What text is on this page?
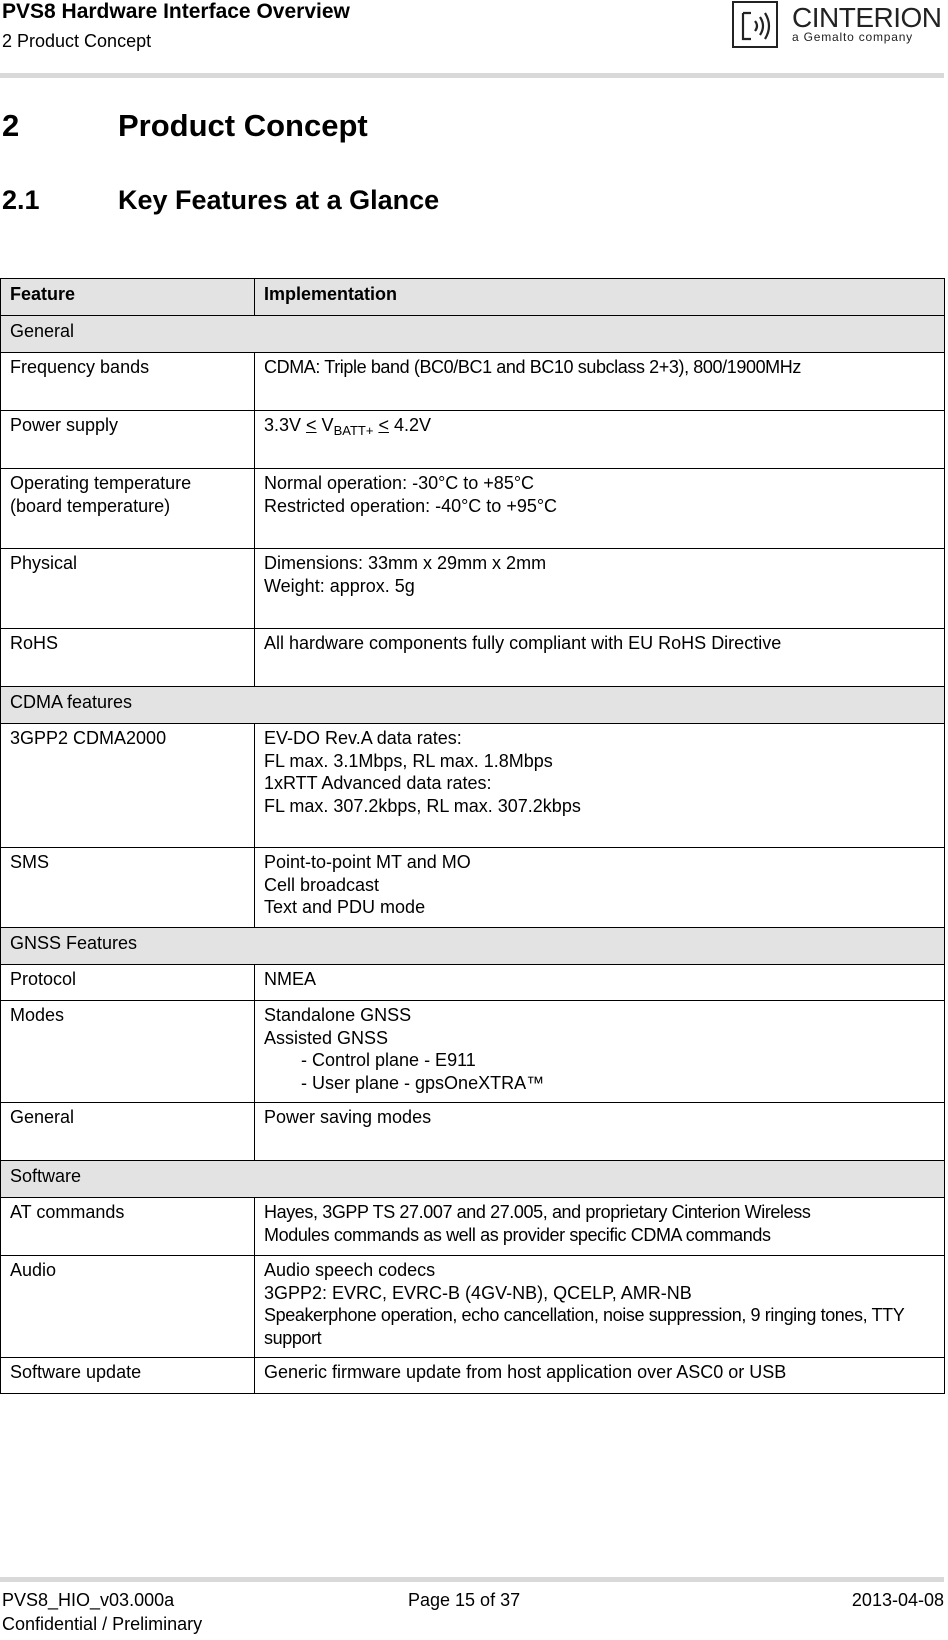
PVS8 Hardware Interface Overview
2 Product Concept
CINTERION
a Gemalto company
2	Product Concept
2.1	Key Features at a Glance
Feature	Implementation
General	
Frequency bands	CDMA: Triple band (BC0/BC1 and BC10 subclass 2+3), 800/1900MHz

Power supply	$3.3V < V_{BATT+} < 4.2V$

Operating temperature
(board temperature)	Normal operation: -30°C to +85°C
Restricted operation: -40°C to +95°C

Physical	Dimensions: 33mm x 29mm x 2mm
Weight: approx. 5g

RoHS	All hardware components fully compliant with EU RoHS Directive

CDMA features	
3GPP2 CDMA2000	EV-DO Rev.A data rates:
FL max. 3.1Mbps, RL max. 1.8Mbps
1xRTT Advanced data rates:
FL max. 307.2kbps, RL max. 307.2kbps

SMS	Point-to-point MT and MO
Cell broadcast
Text and PDU mode

GNSS Features	
Protocol	NMEA

Modes	Standalone GNSS
Assisted GNSS
- Control plane - E911
- User plane - gpsOneXTRA™

General	Power saving modes

Software	
AT commands	Hayes, 3GPP TS 27.007 and 27.005, and proprietary Cinterion Wireless
Modules commands as well as provider specific CDMA commands

Audio	Audio speech codecs
3GPP2: EVRC, EVRC-B (4GV-NB), QCELP, AMR-NB
Speakerphone operation, echo cancellation, noise suppression, 9 ringing tones, TTY support

Software update	Generic firmware update from host application over ASC0 or USB
PVS8_HIO_v03.000a
Confidential / Preliminary
Page 15 of 37	2013-04-08
